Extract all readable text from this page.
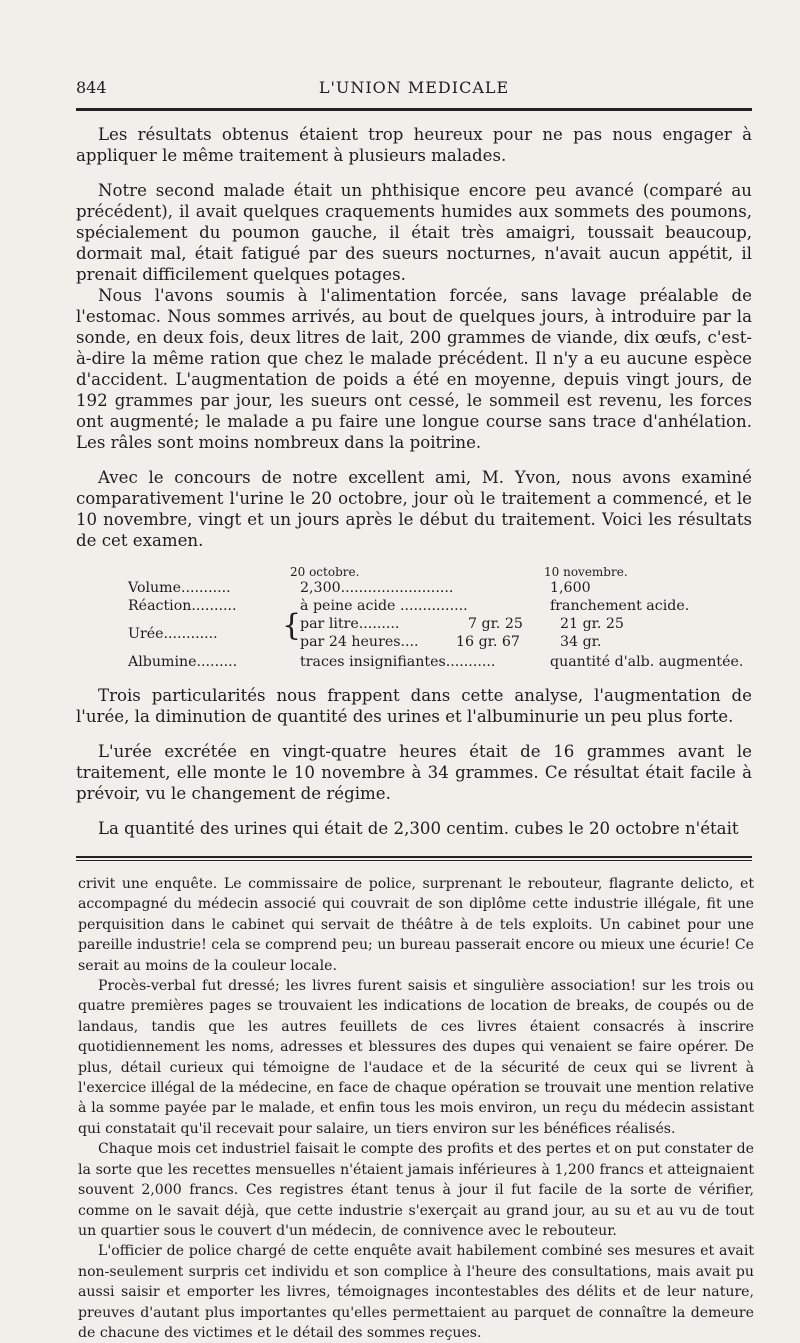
844	L'UNION MEDICALE

Les résultats obtenus étaient trop heureux pour ne pas nous engager à appliquer le même traitement à plusieurs malades.

Notre second malade était un phthisique encore peu avancé (comparé au précédent), il avait quelques craquements humides aux sommets des poumons, spécialement du poumon gauche, il était très amaigri, toussait beaucoup, dormait mal, était fatigué par des sueurs nocturnes, n'avait aucun appétit, il prenait difficilement quelques potages.

Nous l'avons soumis à l'alimentation forcée, sans lavage préalable de l'estomac. Nous sommes arrivés, au bout de quelques jours, à introduire par la sonde, en deux fois, deux litres de lait, 200 grammes de viande, dix œufs, c'est-à-dire la même ration que chez le malade précédent. Il n'y a eu aucune espèce d'accident. L'augmentation de poids a été en moyenne, depuis vingt jours, de 192 grammes par jour, les sueurs ont cessé, le sommeil est revenu, les forces ont augmenté; le malade a pu faire une longue course sans trace d'anhélation. Les râles sont moins nombreux dans la poitrine.

Avec le concours de notre excellent ami, M. Yvon, nous avons examiné comparativement l'urine le 20 octobre, jour où le traitement a commencé, et le 10 novembre, vingt et un jours après le début du traitement. Voici les résultats de cet examen.

20 octobre.	10 novembre.
Volume...........	2,300.........................	1,600
Réaction..........	à peine acide ...............	franchement acide.
Urée............ {
par litre.........	7 gr. 25	21 gr. 25
par 24 heures....	16 gr. 67	34 gr.
Albumine.........	traces insignifiantes...........	quantité d'alb. augmentée.

Trois particularités nous frappent dans cette analyse, l'augmentation de l'urée, la diminution de quantité des urines et l'albuminurie un peu plus forte.

L'urée excrétée en vingt-quatre heures était de 16 grammes avant le traitement, elle monte le 10 novembre à 34 grammes. Ce résultat était facile à prévoir, vu le changement de régime.

La quantité des urines qui était de 2,300 centim. cubes le 20 octobre n'était

crivit une enquête. Le commissaire de police, surprenant le rebouteur, flagrante delicto, et accompagné du médecin associé qui couvrait de son diplôme cette industrie illégale, fit une perquisition dans le cabinet qui servait de théâtre à de tels exploits. Un cabinet pour une pareille industrie! cela se comprend peu; un bureau passerait encore ou mieux une écurie! Ce serait au moins de la couleur locale.

Procès-verbal fut dressé; les livres furent saisis et singulière association! sur les trois ou quatre premières pages se trouvaient les indications de location de breaks, de coupés ou de landaus, tandis que les autres feuillets de ces livres étaient consacrés à inscrire quotidiennement les noms, adresses et blessures des dupes qui venaient se faire opérer. De plus, détail curieux qui témoigne de l'audace et de la sécurité de ceux qui se livrent à l'exercice illégal de la médecine, en face de chaque opération se trouvait une mention relative à la somme payée par le malade, et enfin tous les mois environ, un reçu du médecin assistant qui constatait qu'il recevait pour salaire, un tiers environ sur les bénéfices réalisés.

Chaque mois cet industriel faisait le compte des profits et des pertes et on put constater de la sorte que les recettes mensuelles n'étaient jamais inférieures à 1,200 francs et atteignaient souvent 2,000 francs. Ces registres étant tenus à jour il fut facile de la sorte de vérifier, comme on le savait déjà, que cette industrie s'exerçait au grand jour, au su et au vu de tout un quartier sous le couvert d'un médecin, de connivence avec le rebouteur.

L'officier de police chargé de cette enquête avait habilement combiné ses mesures et avait non-seulement surpris cet individu et son complice à l'heure des consultations, mais avait pu aussi saisir et emporter les livres, témoignages incontestables des délits et de leur nature, preuves d'autant plus importantes qu'elles permettaient au parquet de connaître la demeure de chacune des victimes et le détail des sommes reçues.
